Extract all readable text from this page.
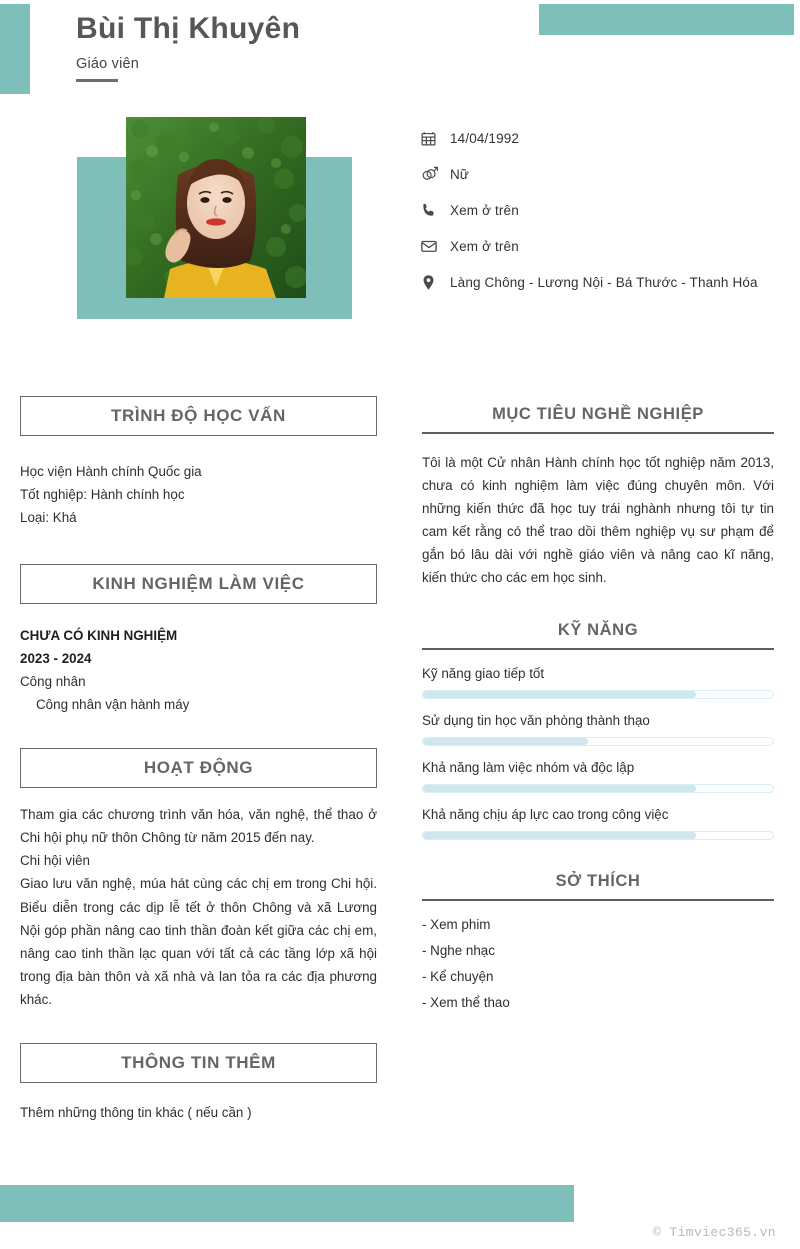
Bùi Thị Khuyên
Giáo viên
14/04/1992
Nữ
Xem ở trên
Xem ở trên
Làng Chông - Lương Nội - Bá Thước - Thanh Hóa
TRÌNH ĐỘ HỌC VẤN
Học viện Hành chính Quốc gia
Tốt nghiệp: Hành chính học
Loại: Khá
KINH NGHIỆM LÀM VIỆC
CHƯA CÓ KINH NGHIỆM
2023 - 2024
Công nhân
Công nhân vận hành máy
HOẠT ĐỘNG
Tham gia các chương trình văn hóa, văn nghệ, thể thao ở Chi hội phụ nữ thôn Chông từ năm 2015 đến nay.
Chi hội viên
Giao lưu văn nghệ, múa hát cùng các chị em trong Chi hội. Biểu diễn trong các dịp lễ tết ở thôn Chông và xã Lương Nội góp phần nâng cao tinh thần đoàn kết giữa các chị em, nâng cao tinh thần lạc quan với tất cả các tầng lớp xã hội trong địa bàn thôn và xã nhà và lan tỏa ra các địa phương khác.
THÔNG TIN THÊM
Thêm những thông tin khác ( nếu cần )
MỤC TIÊU NGHỀ NGHIỆP
Tôi là một Cử nhân Hành chính học tốt nghiệp năm 2013, chưa có kinh nghiệm làm việc đúng chuyên môn. Với những kiến thức đã học tuy trái nghành nhưng tôi tự tin cam kết rằng có thể trao dồi thêm nghiệp vụ sư phạm để gắn bó lâu dài với nghề giáo viên và nâng cao kĩ năng, kiến thức cho các em học sinh.
KỸ NĂNG
Kỹ năng giao tiếp tốt
Sử dụng tin học văn phòng thành thạo
Khả năng làm việc nhóm và độc lập
Khả năng chịu áp lực cao trong công việc
SỞ THÍCH
- Xem phim
- Nghe nhạc
- Kể chuyện
- Xem thể thao
© Timviec365.vn
